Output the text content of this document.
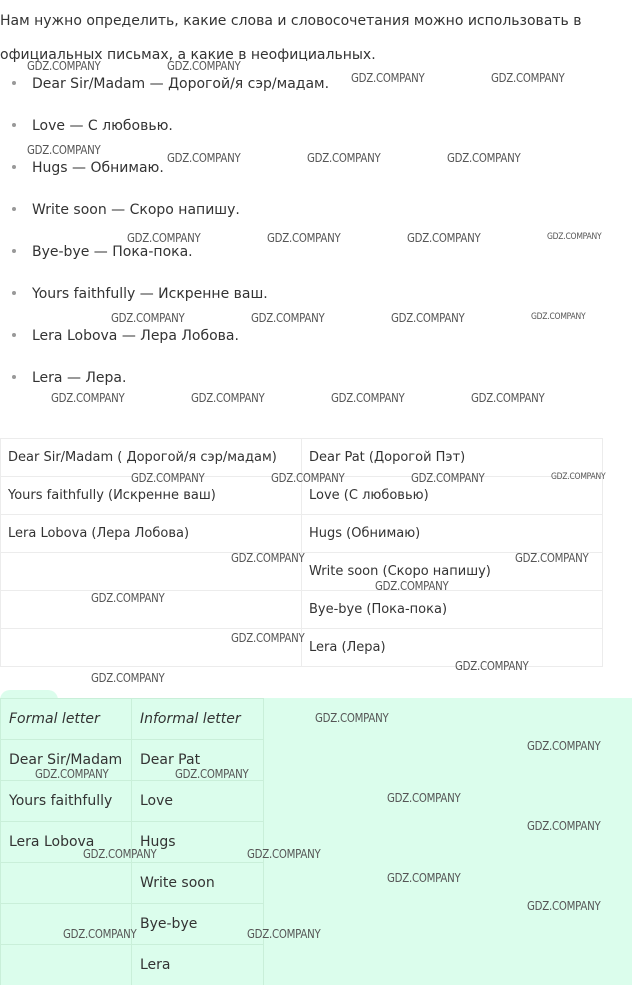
Нам нужно определить, какие слова и словосочетания можно использовать в официальных письмах, а какие в неофициальных.
Dear Sir/Madam — Дорогой/я сэр/мадам.
Love — С любовью.
Hugs — Обнимаю.
Write soon — Скоро напишу.
Bye-bye — Пока-пока.
Yours faithfully — Искренне ваш.
Lera Lobova — Лера Лобова.
Lera — Лера.
Dear Sir/Madam ( Дорогой/я сэр/мадам)	Dear Pat (Дорогой Пэт)
Yours faithfully (Искренне ваш)	Love (С любовью)
Lera Lobova (Лера Лобова)	Hugs (Обнимаю)
	Write soon (Скоро напишу)
	Bye-bye (Пока-пока)
	Lera (Лера)
Formal letter	Informal letter
Dear Sir/Madam	Dear Pat
Yours faithfully	Love
Lera Lobova	Hugs
	Write soon
	Bye-bye
	Lera
GDZ.COMPANY	GDZ.COMPANY
GDZ.COMPANY	GDZ.COMPANY
GDZ.COMPANY
GDZ.COMPANY	GDZ.COMPANY	GDZ.COMPANY
GDZ.COMPANY	GDZ.COMPANY	GDZ.COMPANY	GDZ.COMPANY
GDZ.COMPANY	GDZ.COMPANY	GDZ.COMPANY	GDZ.COMPANY
GDZ.COMPANY	GDZ.COMPANY	GDZ.COMPANY	GDZ.COMPANY
GDZ.COMPANY	GDZ.COMPANY	GDZ.COMPANY	GDZ.COMPANY
GDZ.COMPANY	GDZ.COMPANY
GDZ.COMPANY
GDZ.COMPANY
GDZ.COMPANY
GDZ.COMPANY
GDZ.COMPANY
GDZ.COMPANY
GDZ.COMPANY
GDZ.COMPANY	GDZ.COMPANY
GDZ.COMPANY
GDZ.COMPANY
GDZ.COMPANY	GDZ.COMPANY
GDZ.COMPANY
GDZ.COMPANY
GDZ.COMPANY	GDZ.COMPANY
